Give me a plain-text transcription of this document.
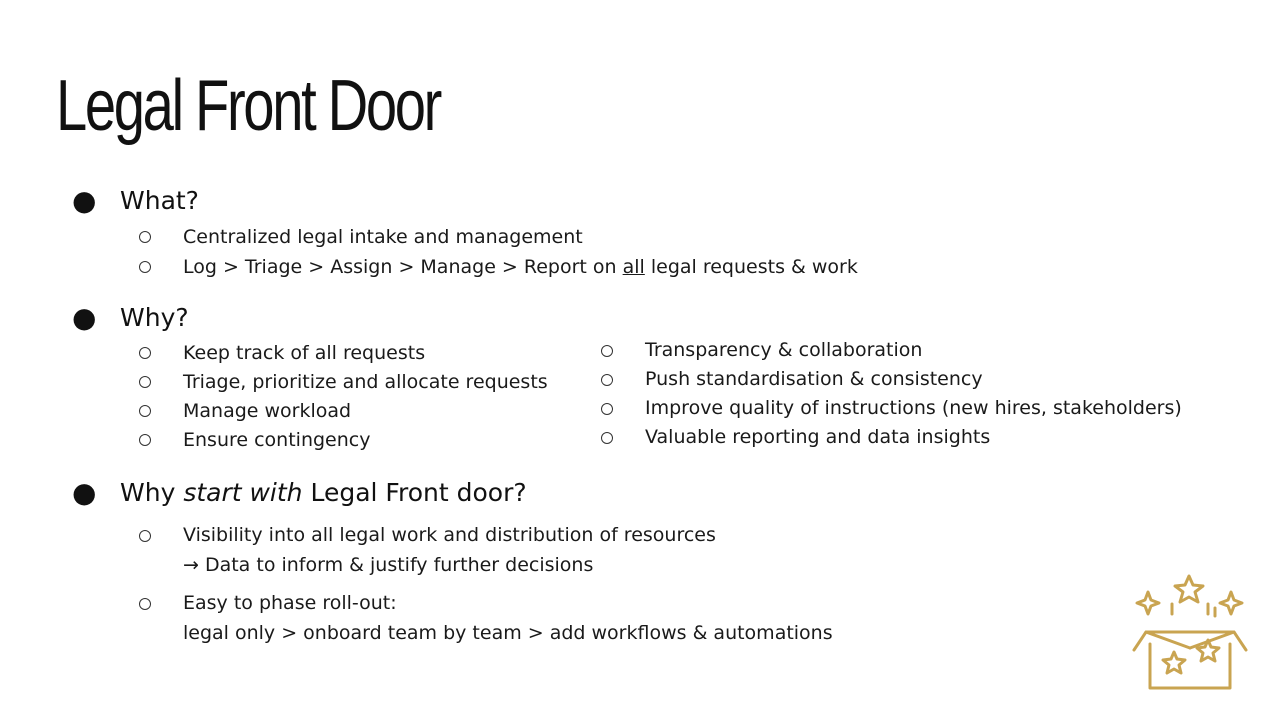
Legal Front Door
● What?
Centralized legal intake and management
Log > Triage > Assign > Manage > Report on all legal requests & work
● Why?
Keep track of all requests
Triage, prioritize and allocate requests
Manage workload
Ensure contingency
Transparency & collaboration
Push standardisation & consistency
Improve quality of instructions (new hires, stakeholders)
Valuable reporting and data insights
● Why start with Legal Front door?
Visibility into all legal work and distribution of resources
→ Data to inform & justify further decisions
Easy to phase roll-out:
legal only > onboard team by team > add workflows & automations
